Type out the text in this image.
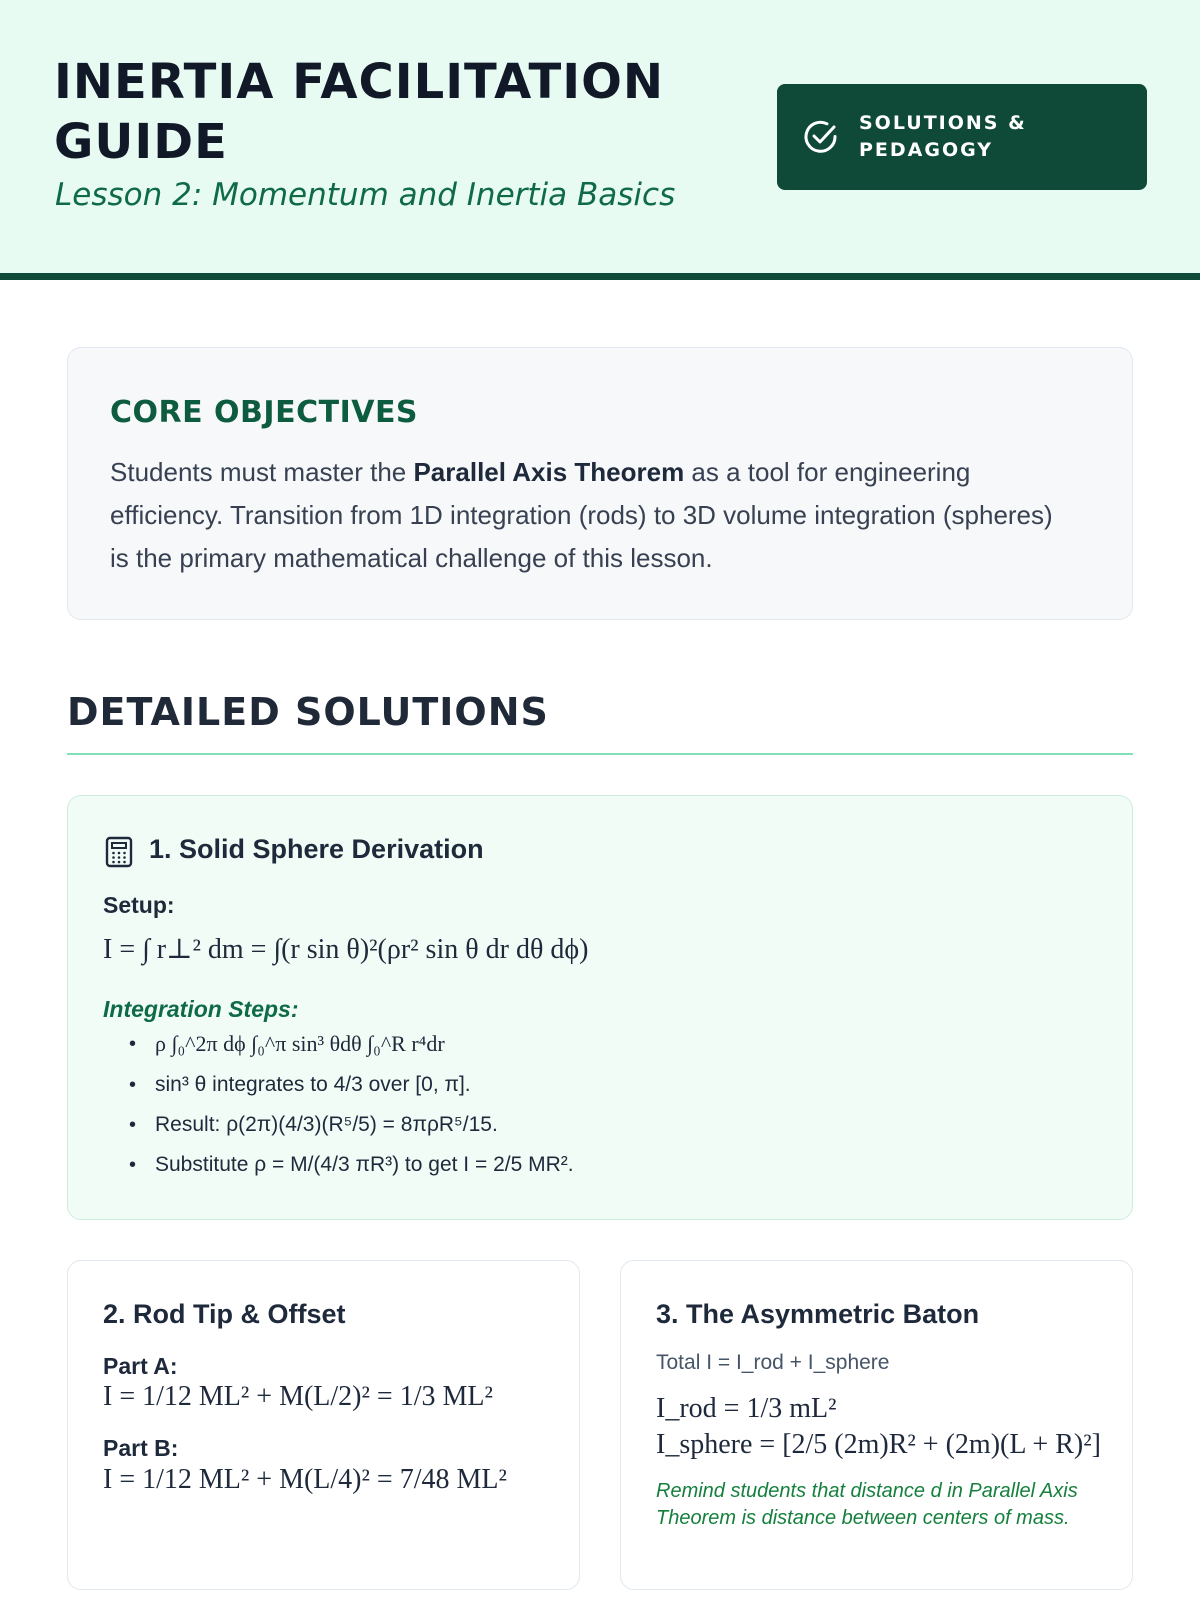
INERTIA FACILITATION GUIDE
Lesson 2: Momentum and Inertia Basics
SOLUTIONS & PEDAGOGY
CORE OBJECTIVES

Students must master the Parallel Axis Theorem as a tool for engineering efficiency. Transition from 1D integration (rods) to 3D volume integration (spheres) is the primary mathematical challenge of this lesson.

DETAILED SOLUTIONS
1. Solid Sphere Derivation
Setup:
I = ∫ r⊥² dm = ∫(r sin θ)²(ρr² sin θ dr dθ dϕ)
Integration Steps:
• ρ ∫₀^2π dϕ ∫₀^π sin³ θdθ ∫₀^R r⁴dr
• sin³ θ integrates to 4/3 over [0, π].
• Result: ρ(2π)(4/3)(R⁵/5) = 8πρR⁵/15.
• Substitute ρ = M/(4/3 πR³) to get I = 2/5 MR².
2. Rod Tip & Offset
Part A:
I = 1/12 ML² + M(L/2)² = 1/3 ML²
Part B:
I = 1/12 ML² + M(L/4)² = 7/48 ML²
3. The Asymmetric Baton
Total I = I_rod + I_sphere
I_rod = 1/3 mL²
I_sphere = [2/5 (2m)R² + (2m)(L + R)²]
Remind students that distance d in Parallel Axis Theorem is distance between centers of mass.
